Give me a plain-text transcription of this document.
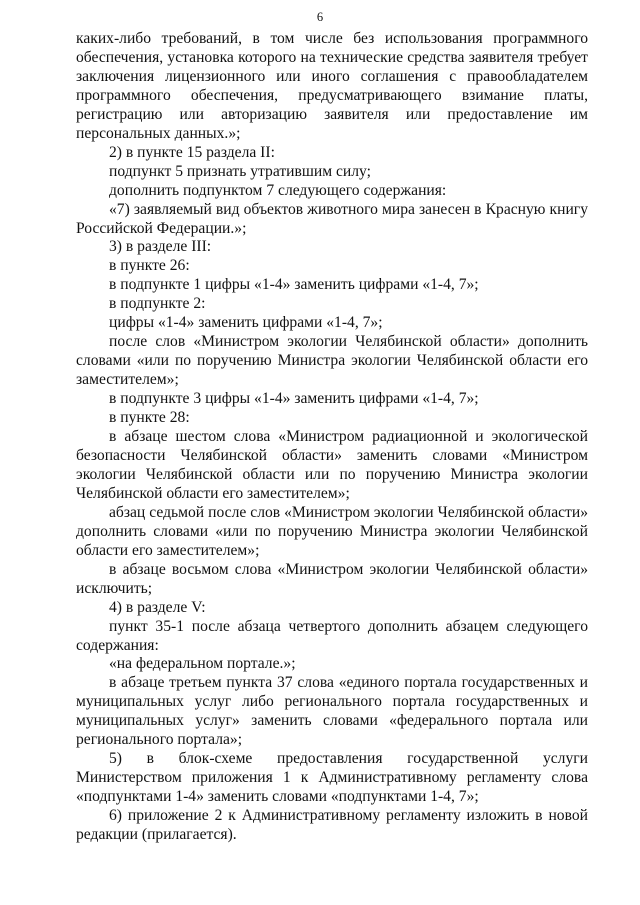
6

каких-либо требований, в том числе без использования программного обеспечения, установка которого на технические средства заявителя требует заключения лицензионного или иного соглашения с правообладателем программного обеспечения, предусматривающего взимание платы, регистрацию или авторизацию заявителя или предоставление им персональных данных.»;

2) в пункте 15 раздела II:

подпункт 5 признать утратившим силу;

дополнить подпунктом 7 следующего содержания:

«7) заявляемый вид объектов животного мира занесен в Красную книгу Российской Федерации.»;

3) в разделе III:

в пункте 26:

в подпункте 1 цифры «1-4» заменить цифрами «1-4, 7»;

в подпункте 2:

цифры «1-4» заменить цифрами «1-4, 7»;

после слов «Министром экологии Челябинской области» дополнить словами «или по поручению Министра экологии Челябинской области его заместителем»;

в подпункте 3 цифры «1-4» заменить цифрами «1-4, 7»;

в пункте 28:

в абзаце шестом слова «Министром радиационной и экологической безопасности Челябинской области» заменить словами «Министром экологии Челябинской области или по поручению Министра экологии Челябинской области его заместителем»;

абзац седьмой после слов «Министром экологии Челябинской области» дополнить словами «или по поручению Министра экологии Челябинской области его заместителем»;

в абзаце восьмом слова «Министром экологии Челябинской области» исключить;

4) в разделе V:

пункт 35-1 после абзаца четвертого дополнить абзацем следующего содержания:

«на федеральном портале.»;

в абзаце третьем пункта 37 слова «единого портала государственных и муниципальных услуг либо регионального портала государственных и муниципальных услуг» заменить словами «федерального портала или регионального портала»;

5) в блок-схеме предоставления государственной услуги Министерством приложения 1 к Административному регламенту слова «подпунктами 1-4» заменить словами «подпунктами 1-4, 7»;

6) приложение 2 к Административному регламенту изложить в новой редакции (прилагается).
